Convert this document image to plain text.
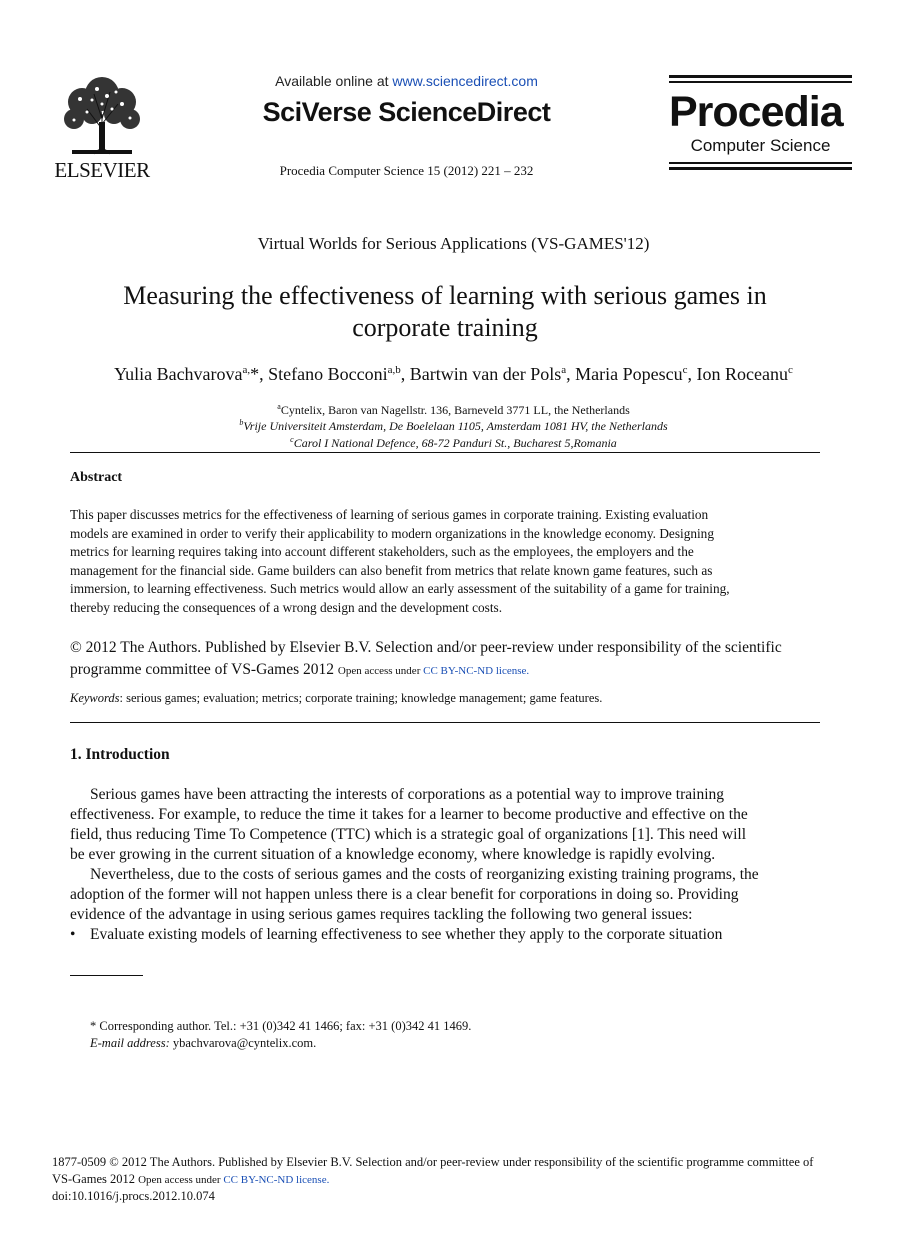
ELSEVIER
Available online at www.sciencedirect.com
SciVerse ScienceDirect
Procedia Computer Science 15 (2012) 221 – 232
Procedia
Computer Science
Virtual Worlds for Serious Applications (VS-GAMES'12)
Measuring the effectiveness of learning with serious games in
corporate training
Yulia Bachvarova$^{a,}$*, Stefano Bocconi$^{a,b}$, Bartwin van der Pols$^a$, Maria Popescu$^c$, Ion Roceanu$^c$
$^a$Cyntelix, Baron van Nagellstr. 136, Barneveld 3771 LL, the Netherlands
$^b$Vrije Universiteit Amsterdam, De Boelelaan 1105, Amsterdam 1081 HV, the Netherlands
$^c$Carol I National Defence, 68-72 Panduri St., Bucharest 5,Romania
Abstract
This paper discusses metrics for the effectiveness of learning of serious games in corporate training. Existing evaluation
models are examined in order to verify their applicability to modern organizations in the knowledge economy. Designing
metrics for learning requires taking into account different stakeholders, such as the employees, the employers and the
management for the financial side. Game builders can also benefit from metrics that relate known game features, such as
immersion, to learning effectiveness. Such metrics would allow an early assessment of the suitability of a game for training,
thereby reducing the consequences of a wrong design and the development costs.
© 2012 The Authors. Published by Elsevier B.V. Selection and/or peer-review under responsibility of the scientific
programme committee of VS-Games 2012 Open access under CC BY-NC-ND license.
Keywords: serious games; evaluation; metrics; corporate training; knowledge management; game features.
1. Introduction
Serious games have been attracting the interests of corporations as a potential way to improve training
effectiveness. For example, to reduce the time it takes for a learner to become productive and effective on the
field, thus reducing Time To Competence (TTC) which is a strategic goal of organizations [1]. This need will
be ever growing in the current situation of a knowledge economy, where knowledge is rapidly evolving.
Nevertheless, due to the costs of serious games and the costs of reorganizing existing training programs, the
adoption of the former will not happen unless there is a clear benefit for corporations in doing so. Providing
evidence of the advantage in using serious games requires tackling the following two general issues:
• Evaluate existing models of learning effectiveness to see whether they apply to the corporate situation
* Corresponding author. Tel.: +31 (0)342 41 1466; fax: +31 (0)342 41 1469.
E-mail address: ybachvarova@cyntelix.com.
1877-0509 © 2012 The Authors. Published by Elsevier B.V. Selection and/or peer-review under responsibility of the scientific programme committee of
VS-Games 2012 Open access under CC BY-NC-ND license.
doi:10.1016/j.procs.2012.10.074
